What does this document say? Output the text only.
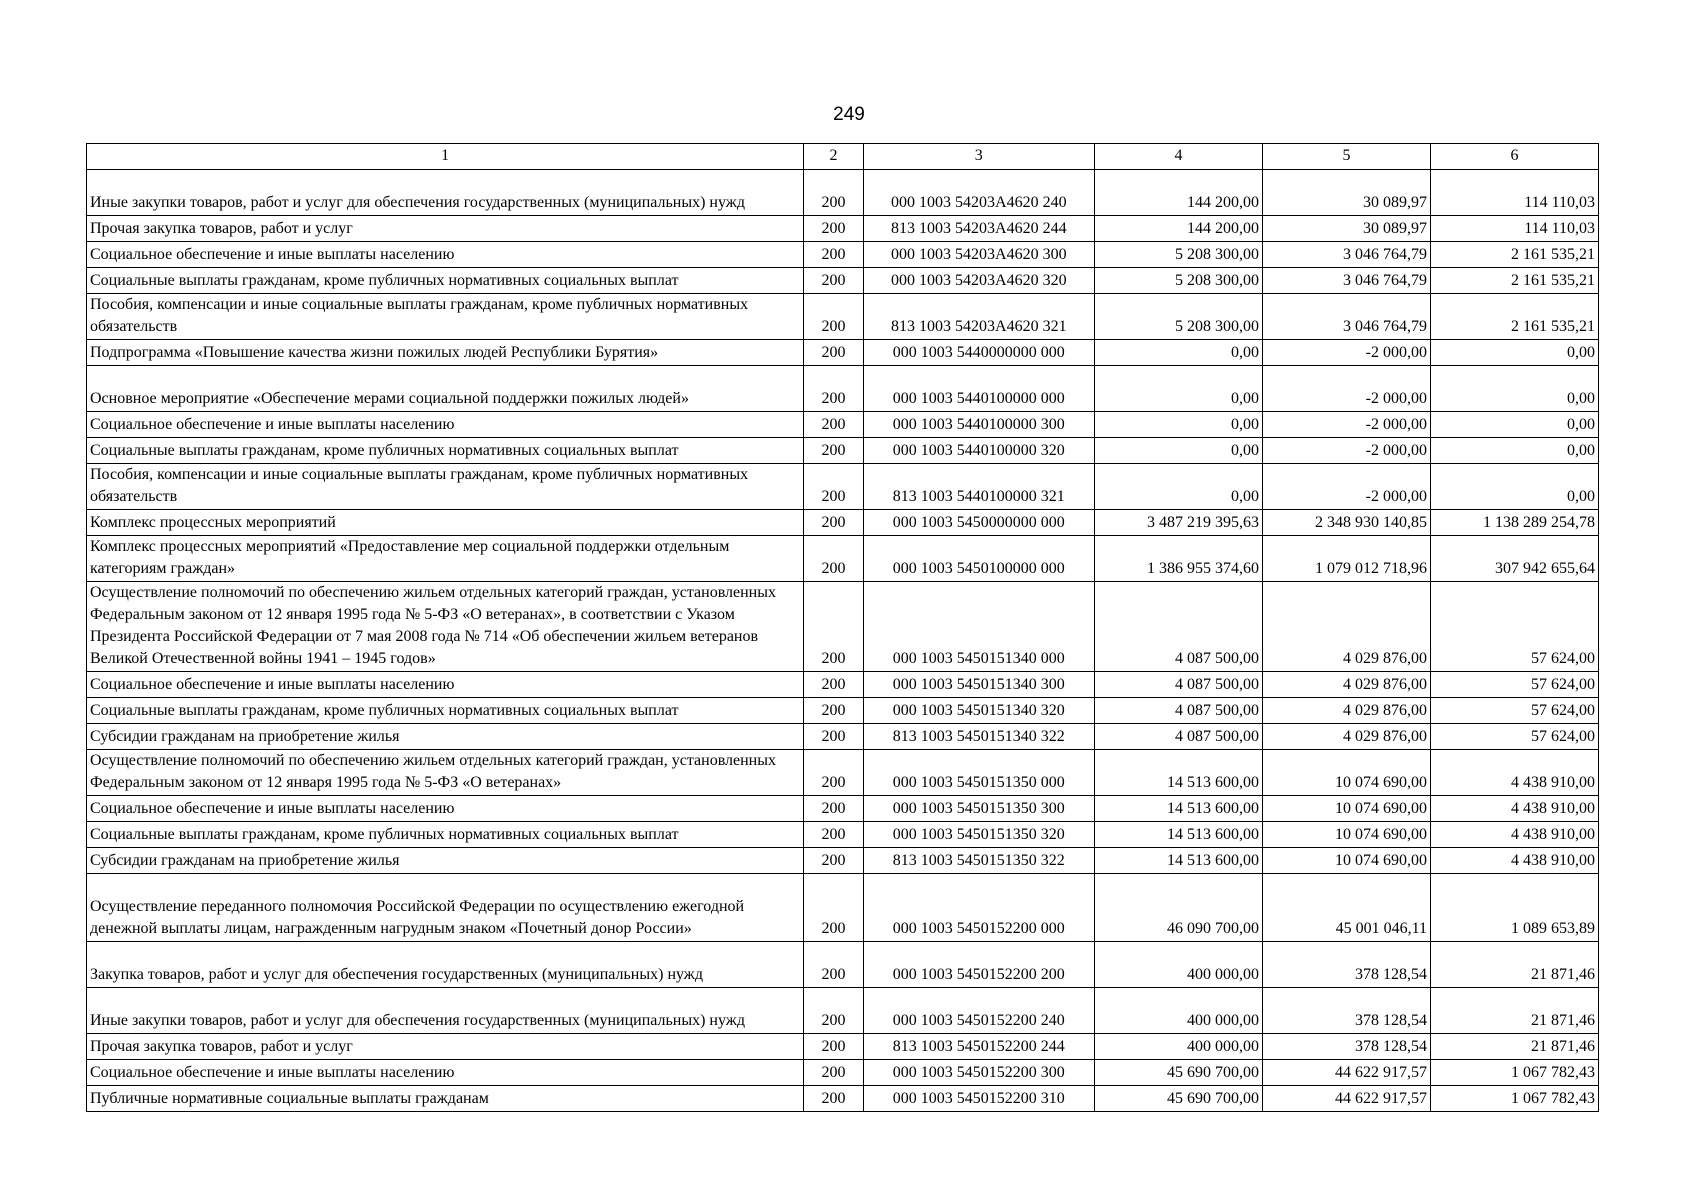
249
1	2	3	4	5	6
Иные закупки товаров, работ и услуг для обеспечения государственных (муниципальных) нужд	200	000 1003 54203А4620 240	144 200,00	30 089,97	114 110,03
Прочая закупка товаров, работ и услуг	200	813 1003 54203А4620 244	144 200,00	30 089,97	114 110,03
Социальное обеспечение и иные выплаты населению	200	000 1003 54203А4620 300	5 208 300,00	3 046 764,79	2 161 535,21
Социальные выплаты гражданам, кроме публичных нормативных социальных выплат	200	000 1003 54203А4620 320	5 208 300,00	3 046 764,79	2 161 535,21
Пособия, компенсации и иные социальные выплаты гражданам, кроме публичных нормативных обязательств	200	813 1003 54203А4620 321	5 208 300,00	3 046 764,79	2 161 535,21
Подпрограмма «Повышение качества жизни пожилых людей Республики Бурятия»	200	000 1003 5440000000 000	0,00	-2 000,00	0,00
Основное мероприятие «Обеспечение мерами социальной поддержки пожилых людей»	200	000 1003 5440100000 000	0,00	-2 000,00	0,00
Социальное обеспечение и иные выплаты населению	200	000 1003 5440100000 300	0,00	-2 000,00	0,00
Социальные выплаты гражданам, кроме публичных нормативных социальных выплат	200	000 1003 5440100000 320	0,00	-2 000,00	0,00
Пособия, компенсации и иные социальные выплаты гражданам, кроме публичных нормативных обязательств	200	813 1003 5440100000 321	0,00	-2 000,00	0,00
Комплекс процессных мероприятий	200	000 1003 5450000000 000	3 487 219 395,63	2 348 930 140,85	1 138 289 254,78
Комплекс процессных мероприятий «Предоставление мер социальной поддержки отдельным категориям граждан»	200	000 1003 5450100000 000	1 386 955 374,60	1 079 012 718,96	307 942 655,64
Осуществление полномочий по обеспечению жильем отдельных категорий граждан, установленных Федеральным законом от 12 января 1995 года № 5-ФЗ «О ветеранах», в соответствии с Указом Президента Российской Федерации от 7 мая 2008 года № 714 «Об обеспечении жильем ветеранов Великой Отечественной войны 1941 – 1945 годов»	200	000 1003 5450151340 000	4 087 500,00	4 029 876,00	57 624,00
Социальное обеспечение и иные выплаты населению	200	000 1003 5450151340 300	4 087 500,00	4 029 876,00	57 624,00
Социальные выплаты гражданам, кроме публичных нормативных социальных выплат	200	000 1003 5450151340 320	4 087 500,00	4 029 876,00	57 624,00
Субсидии гражданам на приобретение жилья	200	813 1003 5450151340 322	4 087 500,00	4 029 876,00	57 624,00
Осуществление полномочий по обеспечению жильем отдельных категорий граждан, установленных Федеральным законом от 12 января 1995 года № 5-ФЗ «О ветеранах»	200	000 1003 5450151350 000	14 513 600,00	10 074 690,00	4 438 910,00
Социальное обеспечение и иные выплаты населению	200	000 1003 5450151350 300	14 513 600,00	10 074 690,00	4 438 910,00
Социальные выплаты гражданам, кроме публичных нормативных социальных выплат	200	000 1003 5450151350 320	14 513 600,00	10 074 690,00	4 438 910,00
Субсидии гражданам на приобретение жилья	200	813 1003 5450151350 322	14 513 600,00	10 074 690,00	4 438 910,00
Осуществление переданного полномочия Российской Федерации по осуществлению ежегодной денежной выплаты лицам, награжденным нагрудным знаком «Почетный донор России»	200	000 1003 5450152200 000	46 090 700,00	45 001 046,11	1 089 653,89
Закупка товаров, работ и услуг для обеспечения государственных (муниципальных) нужд	200	000 1003 5450152200 200	400 000,00	378 128,54	21 871,46
Иные закупки товаров, работ и услуг для обеспечения государственных (муниципальных) нужд	200	000 1003 5450152200 240	400 000,00	378 128,54	21 871,46
Прочая закупка товаров, работ и услуг	200	813 1003 5450152200 244	400 000,00	378 128,54	21 871,46
Социальное обеспечение и иные выплаты населению	200	000 1003 5450152200 300	45 690 700,00	44 622 917,57	1 067 782,43
Публичные нормативные социальные выплаты гражданам	200	000 1003 5450152200 310	45 690 700,00	44 622 917,57	1 067 782,43
